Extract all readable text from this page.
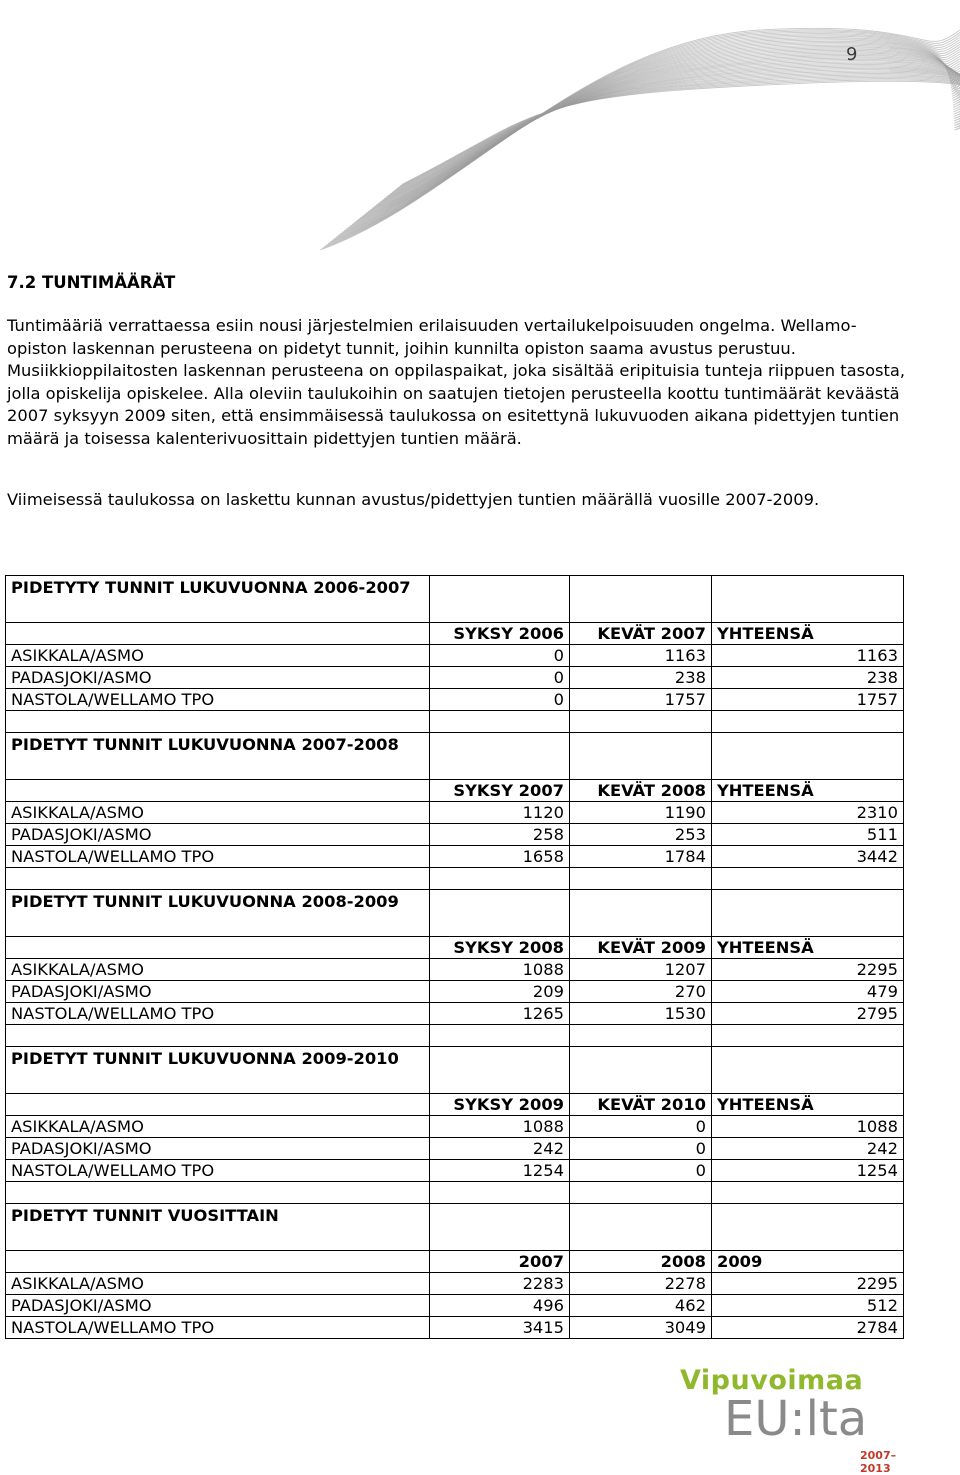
9
7.2 TUNTIMÄÄRÄT
Tuntimääriä verrattaessa esiin nousi järjestelmien erilaisuuden vertailukelpoisuuden ongelma. Wellamo-opiston laskennan perusteena on pidetyt tunnit, joihin kunnilta opiston saama avustus perustuu. Musiikkioppilaitosten laskennan perusteena on oppilaspaikat, joka sisältää eripituisia tunteja riippuen tasosta, jolla opiskelija opiskelee. Alla oleviin taulukoihin on saatujen tietojen perusteella koottu tuntimäärät keväästä 2007 syksyyn 2009 siten, että ensimmäisessä taulukossa on esitettynä lukuvuoden aikana pidettyjen tuntien määrä ja toisessa kalenterivuosittain pidettyjen tuntien määrä.
Viimeisessä taulukossa on laskettu kunnan avustus/pidettyjen tuntien määrällä vuosille 2007-2009.
PIDETYTY TUNNIT LUKUVUONNA 2006-2007			
	SYKSY 2006	KEVÄT 2007	YHTEENSÄ
ASIKKALA/ASMO	0	1163	1163
PADASJOKI/ASMO	0	238	238
NASTOLA/WELLAMO TPO	0	1757	1757

PIDETYT TUNNIT LUKUVUONNA 2007-2008			
	SYKSY 2007	KEVÄT 2008	YHTEENSÄ
ASIKKALA/ASMO	1120	1190	2310
PADASJOKI/ASMO	258	253	511
NASTOLA/WELLAMO TPO	1658	1784	3442

PIDETYT TUNNIT LUKUVUONNA 2008-2009			
	SYKSY 2008	KEVÄT 2009	YHTEENSÄ
ASIKKALA/ASMO	1088	1207	2295
PADASJOKI/ASMO	209	270	479
NASTOLA/WELLAMO TPO	1265	1530	2795

PIDETYT TUNNIT LUKUVUONNA 2009-2010			
	SYKSY 2009	KEVÄT 2010	YHTEENSÄ
ASIKKALA/ASMO	1088	0	1088
PADASJOKI/ASMO	242	0	242
NASTOLA/WELLAMO TPO	1254	0	1254

PIDETYT TUNNIT VUOSITTAIN			
	2007	2008	2009
ASIKKALA/ASMO	2283	2278	2295
PADASJOKI/ASMO	496	462	512
NASTOLA/WELLAMO TPO	3415	3049	2784
Vipuvoimaa
EU:lta
2007–2013
